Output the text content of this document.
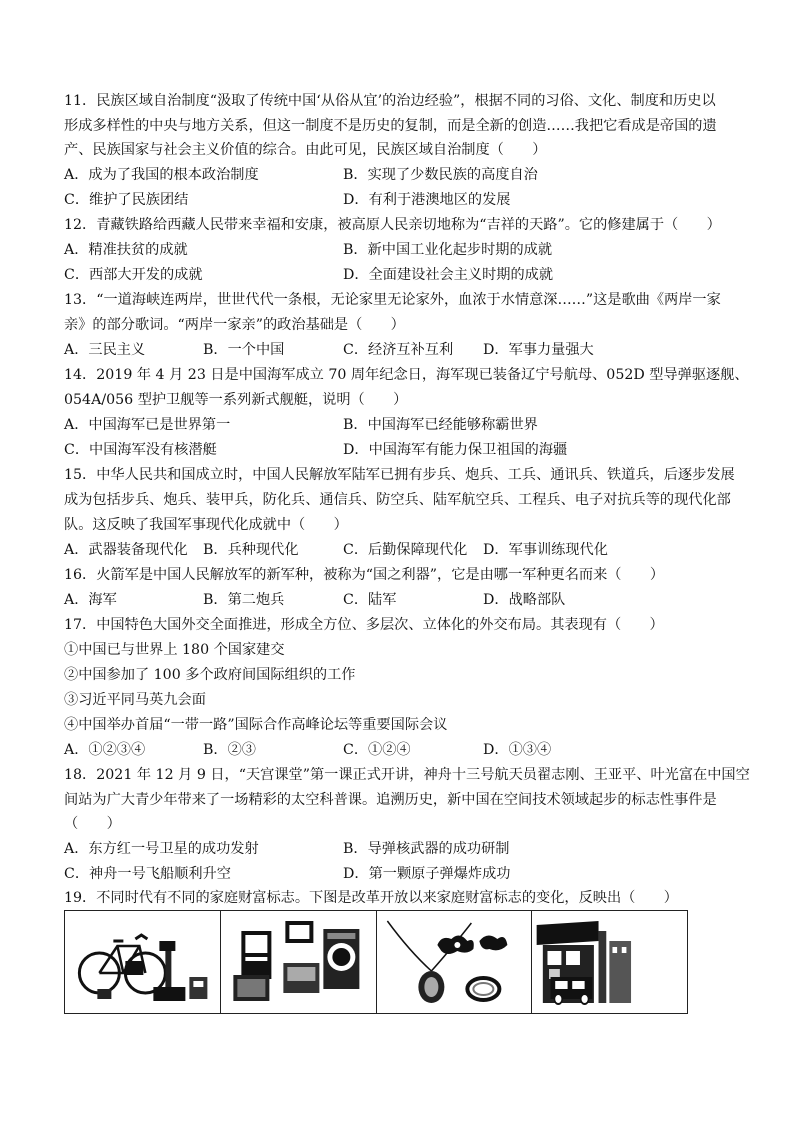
11．民族区域自治制度“汲取了传统中国‘从俗从宜’的治边经验”，根据不同的习俗、文化、制度和历史以
形成多样性的中央与地方关系，但这一制度不是历史的复制，而是全新的创造……我把它看成是帝国的遗
产、民族国家与社会主义价值的综合。由此可见，民族区域自治制度（　　）
A．成为了我国的根本政治制度	B．实现了少数民族的高度自治
C．维护了民族团结	D．有利于港澳地区的发展
12．青藏铁路给西藏人民带来幸福和安康，被高原人民亲切地称为“吉祥的天路”。它的修建属于（　　）
A．精准扶贫的成就	B．新中国工业化起步时期的成就
C．西部大开发的成就	D．全面建设社会主义时期的成就
13．“一道海峡连两岸，世世代代一条根，无论家里无论家外，血浓于水情意深……”这是歌曲《两岸一家
亲》的部分歌词。“两岸一家亲”的政治基础是（　　）
A．三民主义	B．一个中国	C．经济互补互利 D．军事力量强大
14．2019 年 4 月 23 日是中国海军成立 70 周年纪念日，海军现已装备辽宁号航母、052D 型导弹驱逐舰、
054A/056 型护卫舰等一系列新式舰艇，说明（　　）
A．中国海军已是世界第一	B．中国海军已经能够称霸世界
C．中国海军没有核潜艇	D．中国海军有能力保卫祖国的海疆
15．中华人民共和国成立时，中国人民解放军陆军已拥有步兵、炮兵、工兵、通讯兵、铁道兵，后逐步发展
成为包括步兵、炮兵、装甲兵，防化兵、通信兵、防空兵、陆军航空兵、工程兵、电子对抗兵等的现代化部
队。这反映了我国军事现代化成就中（　　）
A．武器装备现代化 B．兵种现代化	C．后勤保障现代化 D．军事训练现代化
16．火箭军是中国人民解放军的新军种，被称为“国之利器”，它是由哪一军种更名而来（　　）
A．海军	B．第二炮兵	C．陆军	D．战略部队
17．中国特色大国外交全面推进，形成全方位、多层次、立体化的外交布局。其表现有（　　）
①中国已与世界上 180 个国家建交
②中国参加了 100 多个政府间国际组织的工作
③习近平同马英九会面
④中国举办首届“一带一路”国际合作高峰论坛等重要国际会议
A．①②③④	B．②③	C．①②④	D．①③④
18．2021 年 12 月 9 日，“天宫课堂”第一课正式开讲，神舟十三号航天员翟志刚、王亚平、叶光富在中国空
间站为广大青少年带来了一场精彩的太空科普课。追溯历史，新中国在空间技术领域起步的标志性事件是
（　　）
A．东方红一号卫星的成功发射	B．导弹核武器的成功研制
C．神舟一号飞船顺利升空	D．第一颗原子弹爆炸成功
19．不同时代有不同的家庭财富标志。下图是改革开放以来家庭财富标志的变化，反映出（　　）
